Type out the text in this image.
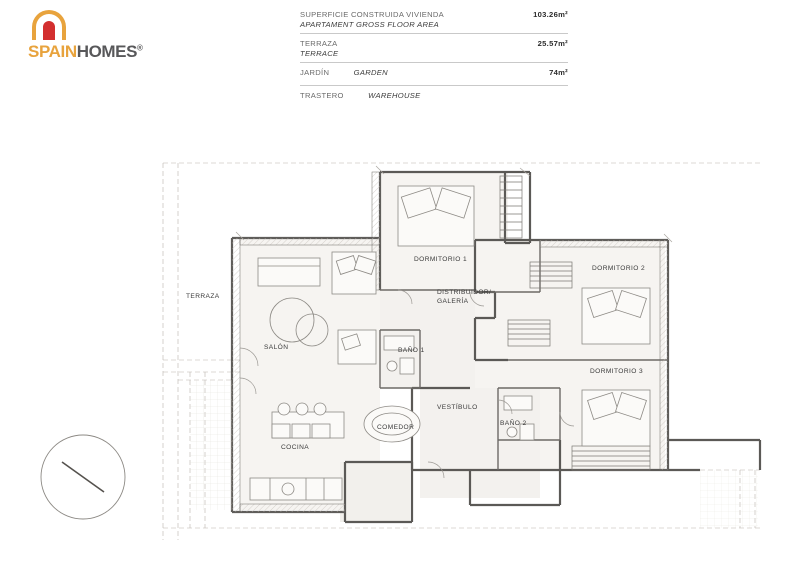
SPAINHOMES®
SUPERFICIE CONSTRUIDA VIVIENDA
APARTAMENT GROSS FLOOR AREA
103.26m²
TERRAZA
TERRACE
25.57m²
JARDÍN	GARDEN	74m²
TRASTERO	WAREHOUSE
DORMITORIO 1
DORMITORIO 2
DORMITORIO 3
DISTRIBUIDOR/
GALERÍA
BAÑO 1
BAÑO 2
VESTÍBULO
SALÓN
COMEDOR
COCINA
TERRAZA
